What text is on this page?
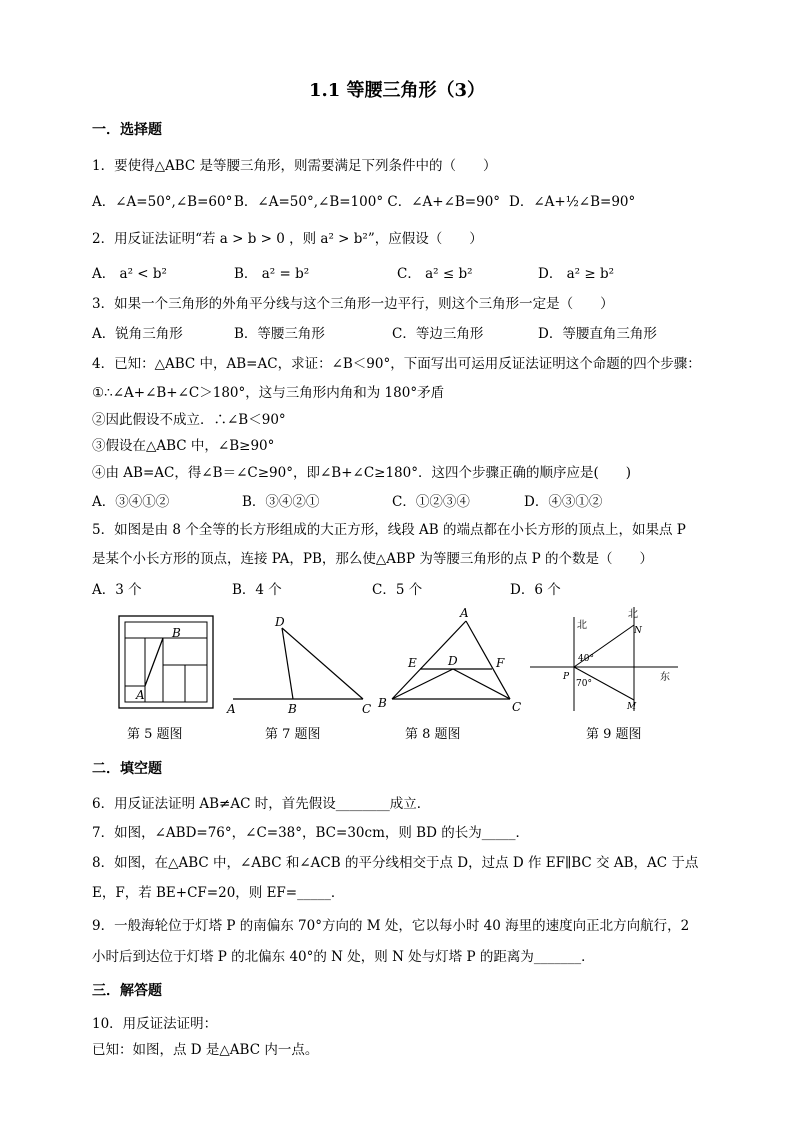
1.1 等腰三角形（3）
一．选择题
1．要使得△ABC 是等腰三角形，则需要满足下列条件中的（　　）
A．∠A=50°,∠B=60° B．∠A=50°,∠B=100° C．∠A+∠B=90° D．∠A+½∠B=90°
2．用反证法证明“若 a > b > 0 ，则 a² > b²”，应假设（　　）
A． a² < b²	B． a² = b²	C． a² ≤ b²	D． a² ≥ b²
3．如果一个三角形的外角平分线与这个三角形一边平行，则这个三角形一定是（　　）
A．锐角三角形	B．等腰三角形	C．等边三角形	D．等腰直角三角形
4．已知：△ABC 中，AB=AC，求证：∠B＜90°，下面写出可运用反证法证明这个命题的四个步骤：
①∴∠A+∠B+∠C＞180°，这与三角形内角和为 180°矛盾
②因此假设不成立．∴∠B＜90°
③假设在△ABC 中，∠B≥90°
④由 AB=AC，得∠B＝∠C≥90°，即∠B+∠C≥180°．这四个步骤正确的顺序应是(　　)
A．③④①②	B．③④②①	C．①②③④	D．④③①②
5．如图是由 8 个全等的长方形组成的大正方形，线段 AB 的端点都在小长方形的顶点上，如果点 P
是某个小长方形的顶点，连接 PA，PB，那么使△ABP 为等腰三角形的点 P 的个数是（　　）
A．3 个	B．4 个	C．5 个	D．6 个
B
A
第 5 题图
D
A	B	C
第 7 题图
A
E	D	F
B	C
第 8 题图
北
北
N
40°
P
70°
东
M
第 9 题图
二．填空题
6．用反证法证明 AB≠AC 时，首先假设________成立．
7．如图，∠ABD=76°，∠C=38°，BC=30cm，则 BD 的长为_____．
8．如图，在△ABC 中，∠ABC 和∠ACB 的平分线相交于点 D，过点 D 作 EF∥BC 交 AB，AC 于点
E，F，若 BE+CF=20，则 EF=_____．
9．一般海轮位于灯塔 P 的南偏东 70°方向的 M 处，它以每小时 40 海里的速度向正北方向航行，2
小时后到达位于灯塔 P 的北偏东 40°的 N 处，则 N 处与灯塔 P 的距离为_______．
三．解答题
10．用反证法证明：
已知：如图，点 D 是△ABC 内一点。
